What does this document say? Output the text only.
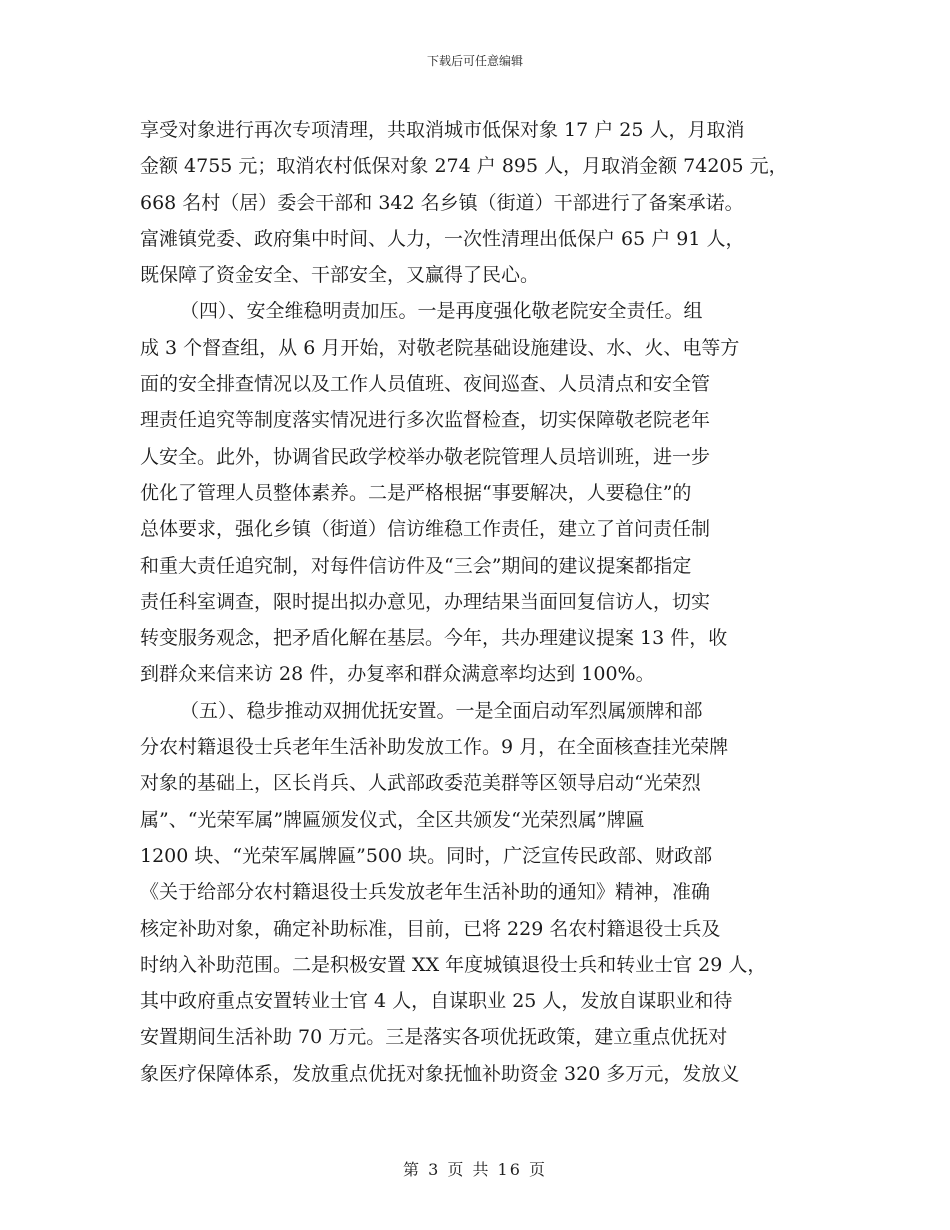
下载后可任意编辑
享受对象进行再次专项清理，共取消城市低保对象 17 户 25 人，月取消
金额 4755 元；取消农村低保对象 274 户 895 人，月取消金额 74205 元，
668 名村（居）委会干部和 342 名乡镇（街道）干部进行了备案承诺。
富滩镇党委、政府集中时间、人力，一次性清理出低保户 65 户 91 人，
既保障了资金安全、干部安全，又赢得了民心。
（四）、安全维稳明责加压。一是再度强化敬老院安全责任。组
成 3 个督查组，从 6 月开始，对敬老院基础设施建设、水、火、电等方
面的安全排查情况以及工作人员值班、夜间巡查、人员清点和安全管
理责任追究等制度落实情况进行多次监督检查，切实保障敬老院老年
人安全。此外，协调省民政学校举办敬老院管理人员培训班，进一步
优化了管理人员整体素养。二是严格根据“事要解决，人要稳住”的
总体要求，强化乡镇（街道）信访维稳工作责任，建立了首问责任制
和重大责任追究制，对每件信访件及“三会”期间的建议提案都指定
责任科室调查，限时提出拟办意见，办理结果当面回复信访人，切实
转变服务观念，把矛盾化解在基层。今年，共办理建议提案 13 件，收
到群众来信来访 28 件，办复率和群众满意率均达到 100%。
（五）、稳步推动双拥优抚安置。一是全面启动军烈属颁牌和部
分农村籍退役士兵老年生活补助发放工作。9 月，在全面核查挂光荣牌
对象的基础上，区长肖兵、人武部政委范美群等区领导启动“光荣烈
属”、“光荣军属”牌匾颁发仪式，全区共颁发“光荣烈属”牌匾
1200 块、“光荣军属牌匾”500 块。同时，广泛宣传民政部、财政部
《关于给部分农村籍退役士兵发放老年生活补助的通知》精神，准确
核定补助对象，确定补助标准，目前，已将 229 名农村籍退役士兵及
时纳入补助范围。二是积极安置 XX 年度城镇退役士兵和转业士官 29 人，
其中政府重点安置转业士官 4 人，自谋职业 25 人，发放自谋职业和待
安置期间生活补助 70 万元。三是落实各项优抚政策，建立重点优抚对
象医疗保障体系，发放重点优抚对象抚恤补助资金 320 多万元，发放义
第 3 页 共 16 页
